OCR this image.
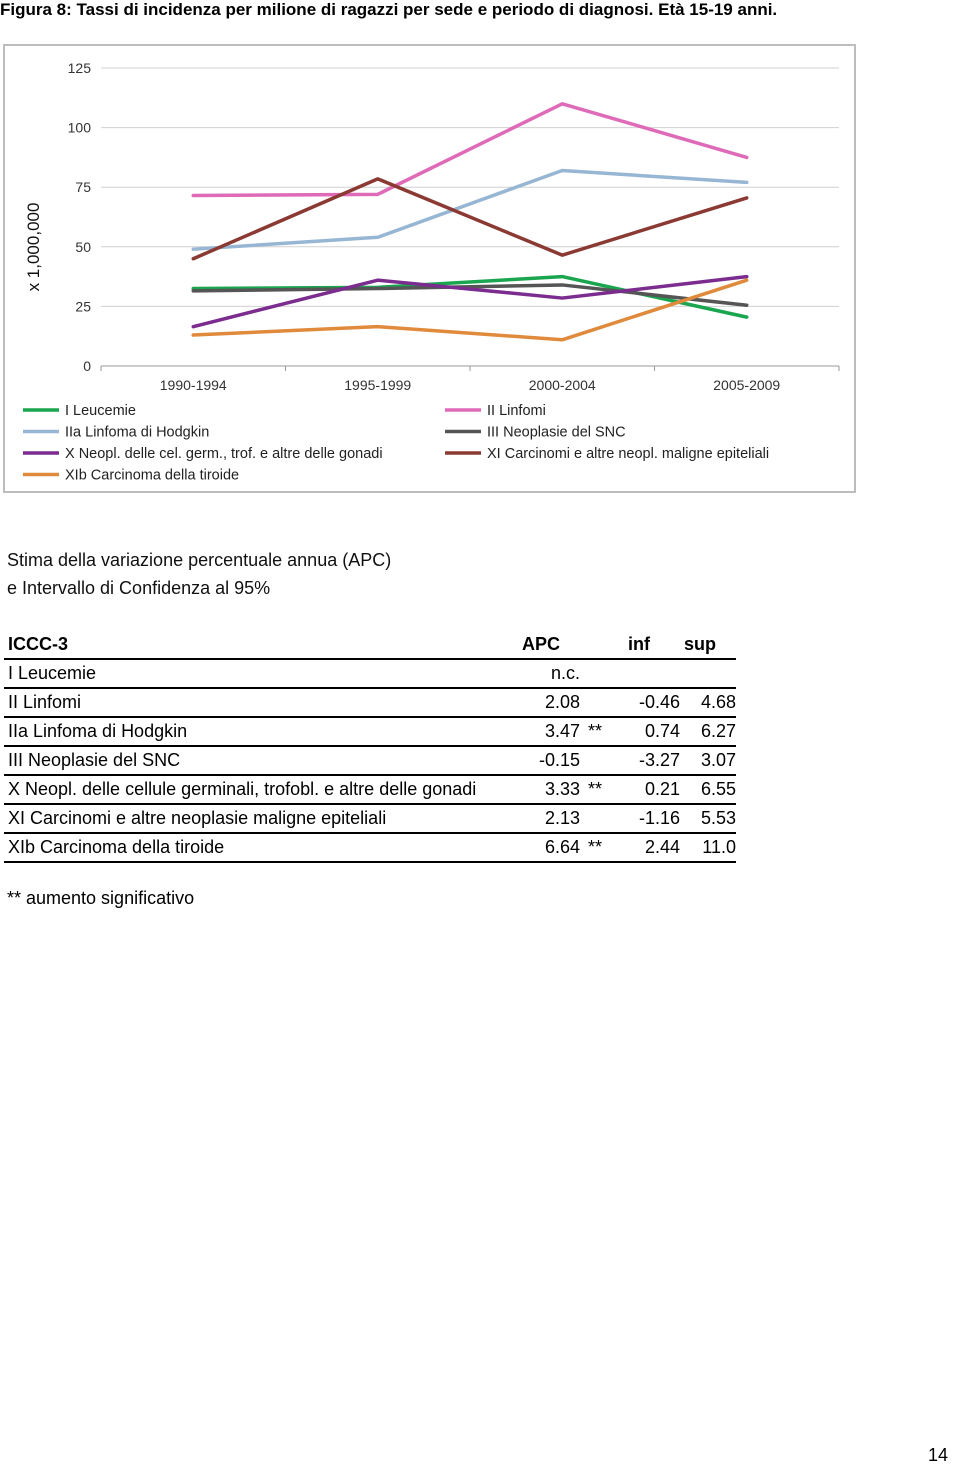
Figura 8: Tassi di incidenza per milione di ragazzi per sede e periodo di diagnosi. Età 15-19 anni.
0
25
50
75
100
125
1990-1994	1995-1999	2000-2004	2005-2009
x 1,000,000
I Leucemie	II Linfomi
IIa Linfoma di Hodgkin	III Neoplasie del SNC
X Neopl. delle cel. germ., trof. e altre delle gonadi	XI Carcinomi e altre neopl. maligne epiteliali
XIb Carcinoma della tiroide
Stima della variazione percentuale annua (APC)
e Intervallo di Confidenza al 95%
ICCC-3	APC		inf	sup
I Leucemie	n.c.			
II Linfomi	2.08		-0.46	4.68
IIa Linfoma di Hodgkin	3.47	**	0.74	6.27
III Neoplasie del SNC	-0.15		-3.27	3.07
X Neopl. delle cellule germinali, trofobl. e altre delle gonadi	3.33	**	0.21	6.55
XI Carcinomi e altre neoplasie maligne epiteliali	2.13		-1.16	5.53
XIb Carcinoma della tiroide	6.64	**	2.44	11.0
** aumento significativo
14
